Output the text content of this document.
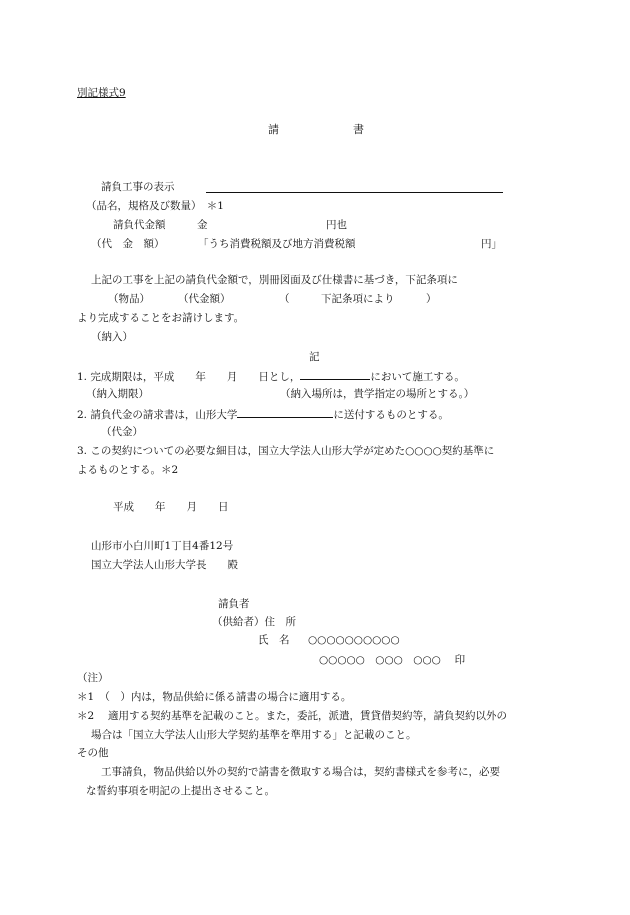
別記様式9
請	書
請負工事の表示
（品名，規格及び数量）　＊1
請負代金額	金	円也
（代　金　額）	「うち消費税額及び地方消費税額	円」
上記の工事を上記の請負代金額で，別冊図面及び仕様書に基づき，下記条項に
（物品）	（代金額）	（　　　下記条項により　　　）
より完成することをお請けします。
（納入）
記
1. 完成期限は，平成　　年　　月　　日とし，	において施工する。
（納入期限）	（納入場所は，貴学指定の場所とする。）
2. 請負代金の請求書は，山形大学	に送付するものとする。
（代金）
3. この契約についての必要な細目は，国立大学法人山形大学が定めた○○○○契約基準に
よるものとする。＊2
平成　　年　　月　　日
山形市小白川町1丁目4番12号
国立大学法人山形大学長　　殿
請負者
（供給者）住　所
氏　名 ○○○○○○○○○○
○○○○○　○○○　○○○　 印
（注）
＊1　（　）内は，物品供給に係る請書の場合に適用する。
＊2　 適用する契約基準を記載のこと。また，委託，派遣，賃貸借契約等，請負契約以外の
場合は「国立大学法人山形大学契約基準を準用する」と記載のこと。
その他
工事請負，物品供給以外の契約で請書を徴取する場合は，契約書様式を参考に，必要
な誓約事項を明記の上提出させること。
